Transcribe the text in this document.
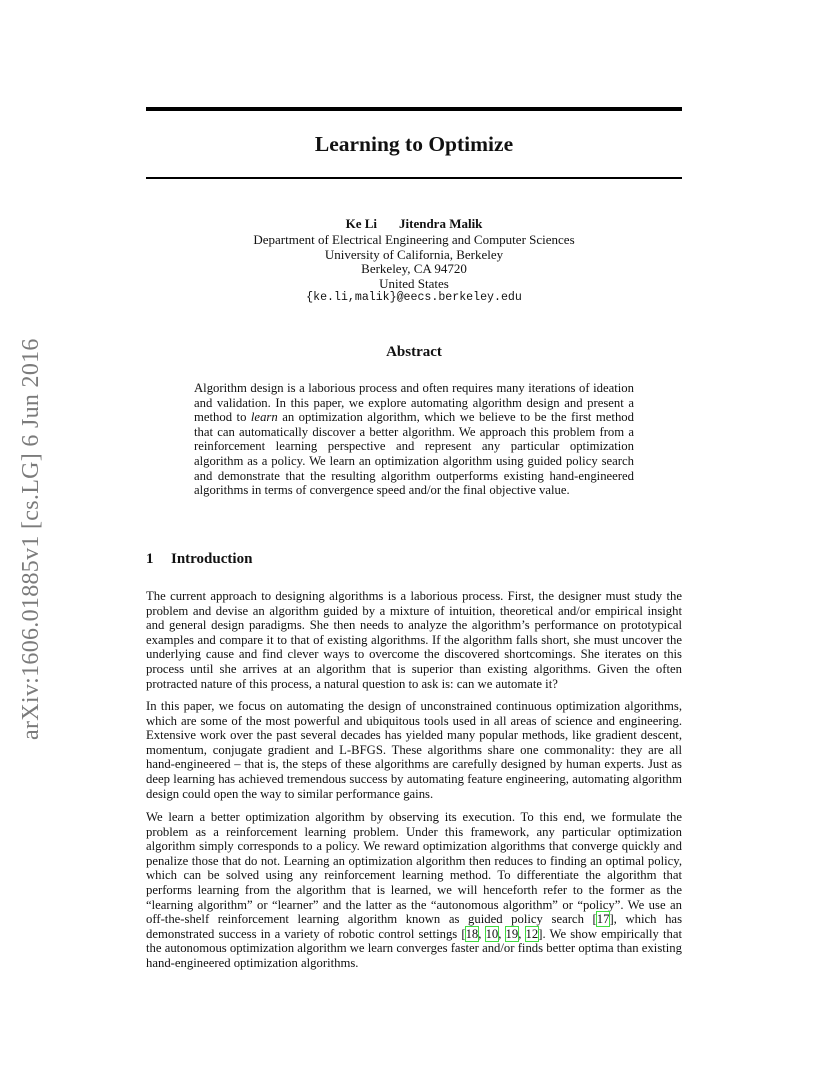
arXiv:1606.01885v1 [cs.LG] 6 Jun 2016
Learning to Optimize
Ke Li Jitendra Malik
Department of Electrical Engineering and Computer Sciences
University of California, Berkeley
Berkeley, CA 94720
United States
{ke.li,malik}@eecs.berkeley.edu
Abstract
Algorithm design is a laborious process and often requires many iterations of ideation and validation. In this paper, we explore automating algorithm design and present a method to learn an optimization algorithm, which we believe to be the first method that can automatically discover a better algorithm. We approach this problem from a reinforcement learning perspective and represent any particular optimization algorithm as a policy. We learn an optimization algorithm using guided policy search and demonstrate that the resulting algorithm outperforms existing hand-engineered algorithms in terms of convergence speed and/or the final objective value.
1 Introduction

The current approach to designing algorithms is a laborious process. First, the designer must study the problem and devise an algorithm guided by a mixture of intuition, theoretical and/or empirical insight and general design paradigms. She then needs to analyze the algorithm’s performance on prototypical examples and compare it to that of existing algorithms. If the algorithm falls short, she must uncover the underlying cause and find clever ways to overcome the discovered shortcomings. She iterates on this process until she arrives at an algorithm that is superior than existing algorithms. Given the often protracted nature of this process, a natural question to ask is: can we automate it?

In this paper, we focus on automating the design of unconstrained continuous optimization algorithms, which are some of the most powerful and ubiquitous tools used in all areas of science and engineering. Extensive work over the past several decades has yielded many popular methods, like gradient descent, momentum, conjugate gradient and L-BFGS. These algorithms share one commonality: they are all hand-engineered – that is, the steps of these algorithms are carefully designed by human experts. Just as deep learning has achieved tremendous success by automating feature engineering, automating algorithm design could open the way to similar performance gains.

We learn a better optimization algorithm by observing its execution. To this end, we formulate the problem as a reinforcement learning problem. Under this framework, any particular optimization algorithm simply corresponds to a policy. We reward optimization algorithms that converge quickly and penalize those that do not. Learning an optimization algorithm then reduces to finding an optimal policy, which can be solved using any reinforcement learning method. To differentiate the algorithm that performs learning from the algorithm that is learned, we will henceforth refer to the former as the “learning algorithm” or “learner” and the latter as the “autonomous algorithm” or “policy”. We use an off-the-shelf reinforcement learning algorithm known as guided policy search [17], which has demonstrated success in a variety of robotic control settings [18, 10, 19, 12]. We show empirically that the autonomous optimization algorithm we learn converges faster and/or finds better optima than existing hand-engineered optimization algorithms.
